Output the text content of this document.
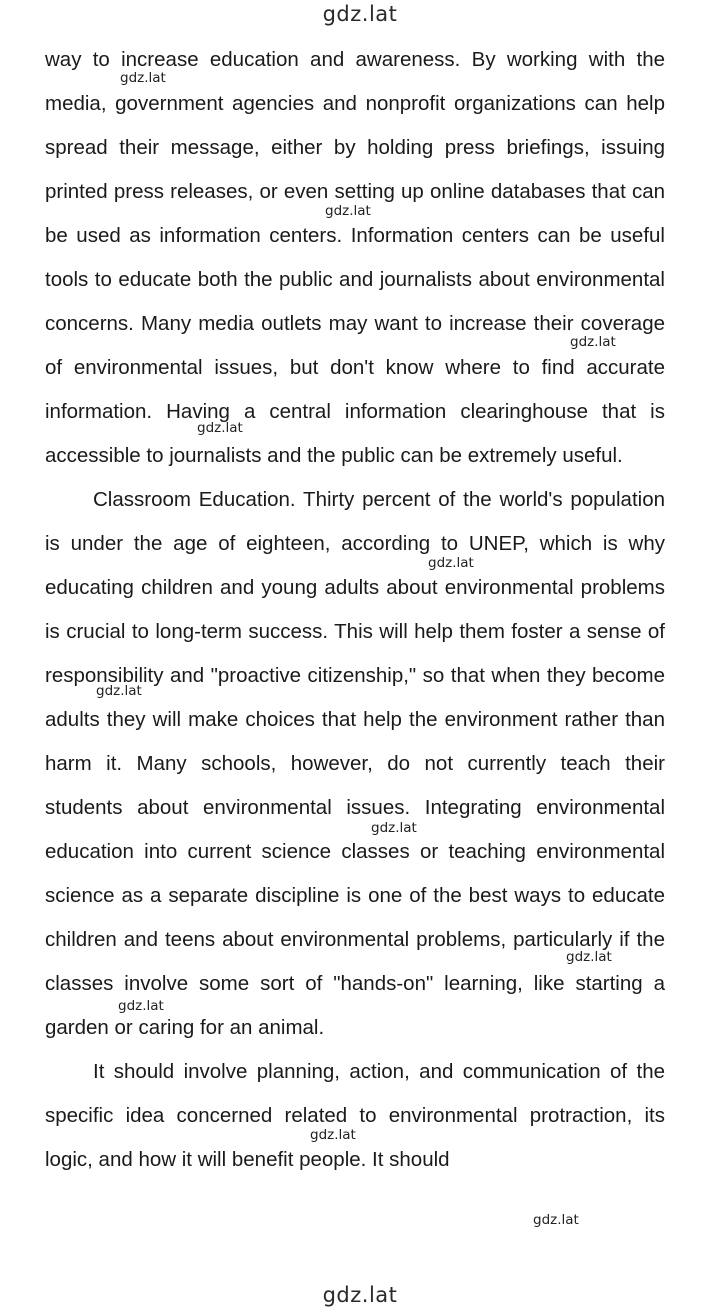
gdz.lat

way to increase education and awareness. By working with the media, government agencies and nonprofit organizations can help spread their message, either by holding press briefings, issuing printed press releases, or even setting up online databases that can be used as information centers. Information centers can be useful tools to educate both the public and journalists about environmental concerns. Many media outlets may want to increase their coverage of environmental issues, but don't know where to find accurate information. Having a central information clearinghouse that is accessible to journalists and the public can be extremely useful.

Classroom Education. Thirty percent of the world's population is under the age of eighteen, according to UNEP, which is why educating children and young adults about environmental problems is crucial to long-term success. This will help them foster a sense of responsibility and "proactive citizenship," so that when they become adults they will make choices that help the environment rather than harm it. Many schools, however, do not currently teach their students about environmental issues. Integrating environmental education into current science classes or teaching environmental science as a separate discipline is one of the best ways to educate children and teens about environmental problems, particularly if the classes involve some sort of "hands-on" learning, like starting a garden or caring for an animal.

It should involve planning, action, and communication of the specific idea concerned related to environmental protraction, its logic, and how it will benefit people. It should

gdz.lat
gdz.lat
gdz.lat
gdz.lat
gdz.lat
gdz.lat
gdz.lat
gdz.lat
gdz.lat
gdz.lat
gdz.lat
gdz.lat
